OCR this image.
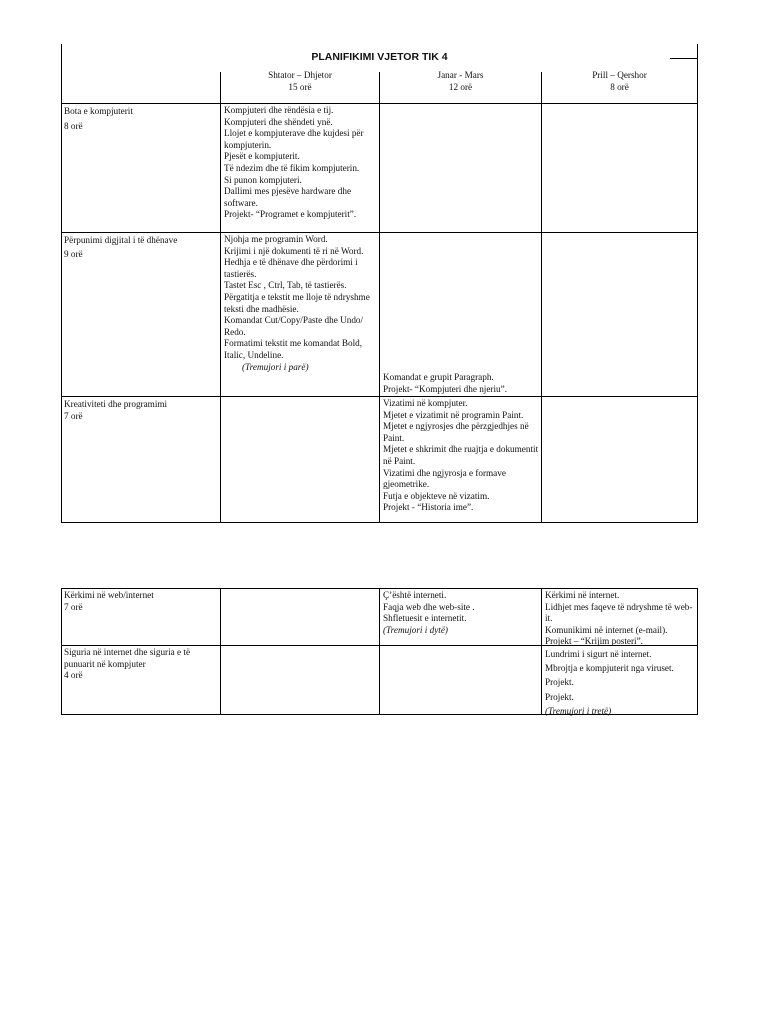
PLANIFIKIMI VJETOR TIK 4
Shtator – Dhjetor
15 orë
Janar - Mars
12 orë
Prill – Qershor
8 orë
Bota e kompjuterit
8 orë
Kompjuteri dhe rëndësia e tij.
Kompjuteri dhe shëndeti ynë.
Llojet e kompjuterave dhe kujdesi për kompjuterin.
Pjesët e kompjuterit.
Të ndezim dhe të fikim kompjuterin.
Si punon kompjuteri.
Dallimi mes pjesëve hardware dhe software.
Projekt- “Programet e kompjuterit”.
Përpunimi digjital i të dhënave
9 orë
Njohja me programin Word.
Krijimi i një dokumenti të ri në Word.
Hedhja e të dhënave dhe përdorimi i tastierës.
Tastet Esc , Ctrl, Tab, të tastierës.
Përgatitja e tekstit me lloje të ndryshme teksti dhe madhësie.
Komandat Cut/Copy/Paste dhe Undo/ Redo.
Formatimi tekstit me komandat Bold, Italic, Undeline.
(Tremujori i parë)
Komandat e grupit Paragraph.
Projekt- “Kompjuteri dhe njeriu”.
Kreativiteti dhe programimi
7 orë
Vizatimi në kompjuter.
Mjetet e vizatimit në programin Paint.
Mjetet e ngjyrosjes dhe përzgjedhjes në Paint.
Mjetet e shkrimit dhe ruajtja e dokumentit në Paint.
Vizatimi dhe ngjyrosja e formave gjeometrike.
Futja e objekteve në vizatim.
Projekt - “Historia ime”.
Kërkimi në web/internet
7 orë
Ç’është interneti.
Faqja web dhe web-site .
Shfletuesit e internetit.
(Tremujori i dytë)
Kërkimi në internet.
Lidhjet mes faqeve të ndryshme të web-it.
Komunikimi në internet (e-mail).
Projekt – “Krijim posteri”.
Siguria në internet dhe siguria e të punuarit në kompjuter
4 orë
Lundrimi i sigurt në internet.
Mbrojtja e kompjuterit nga viruset.
Projekt.
Projekt.
(Tremujori i tretë)
